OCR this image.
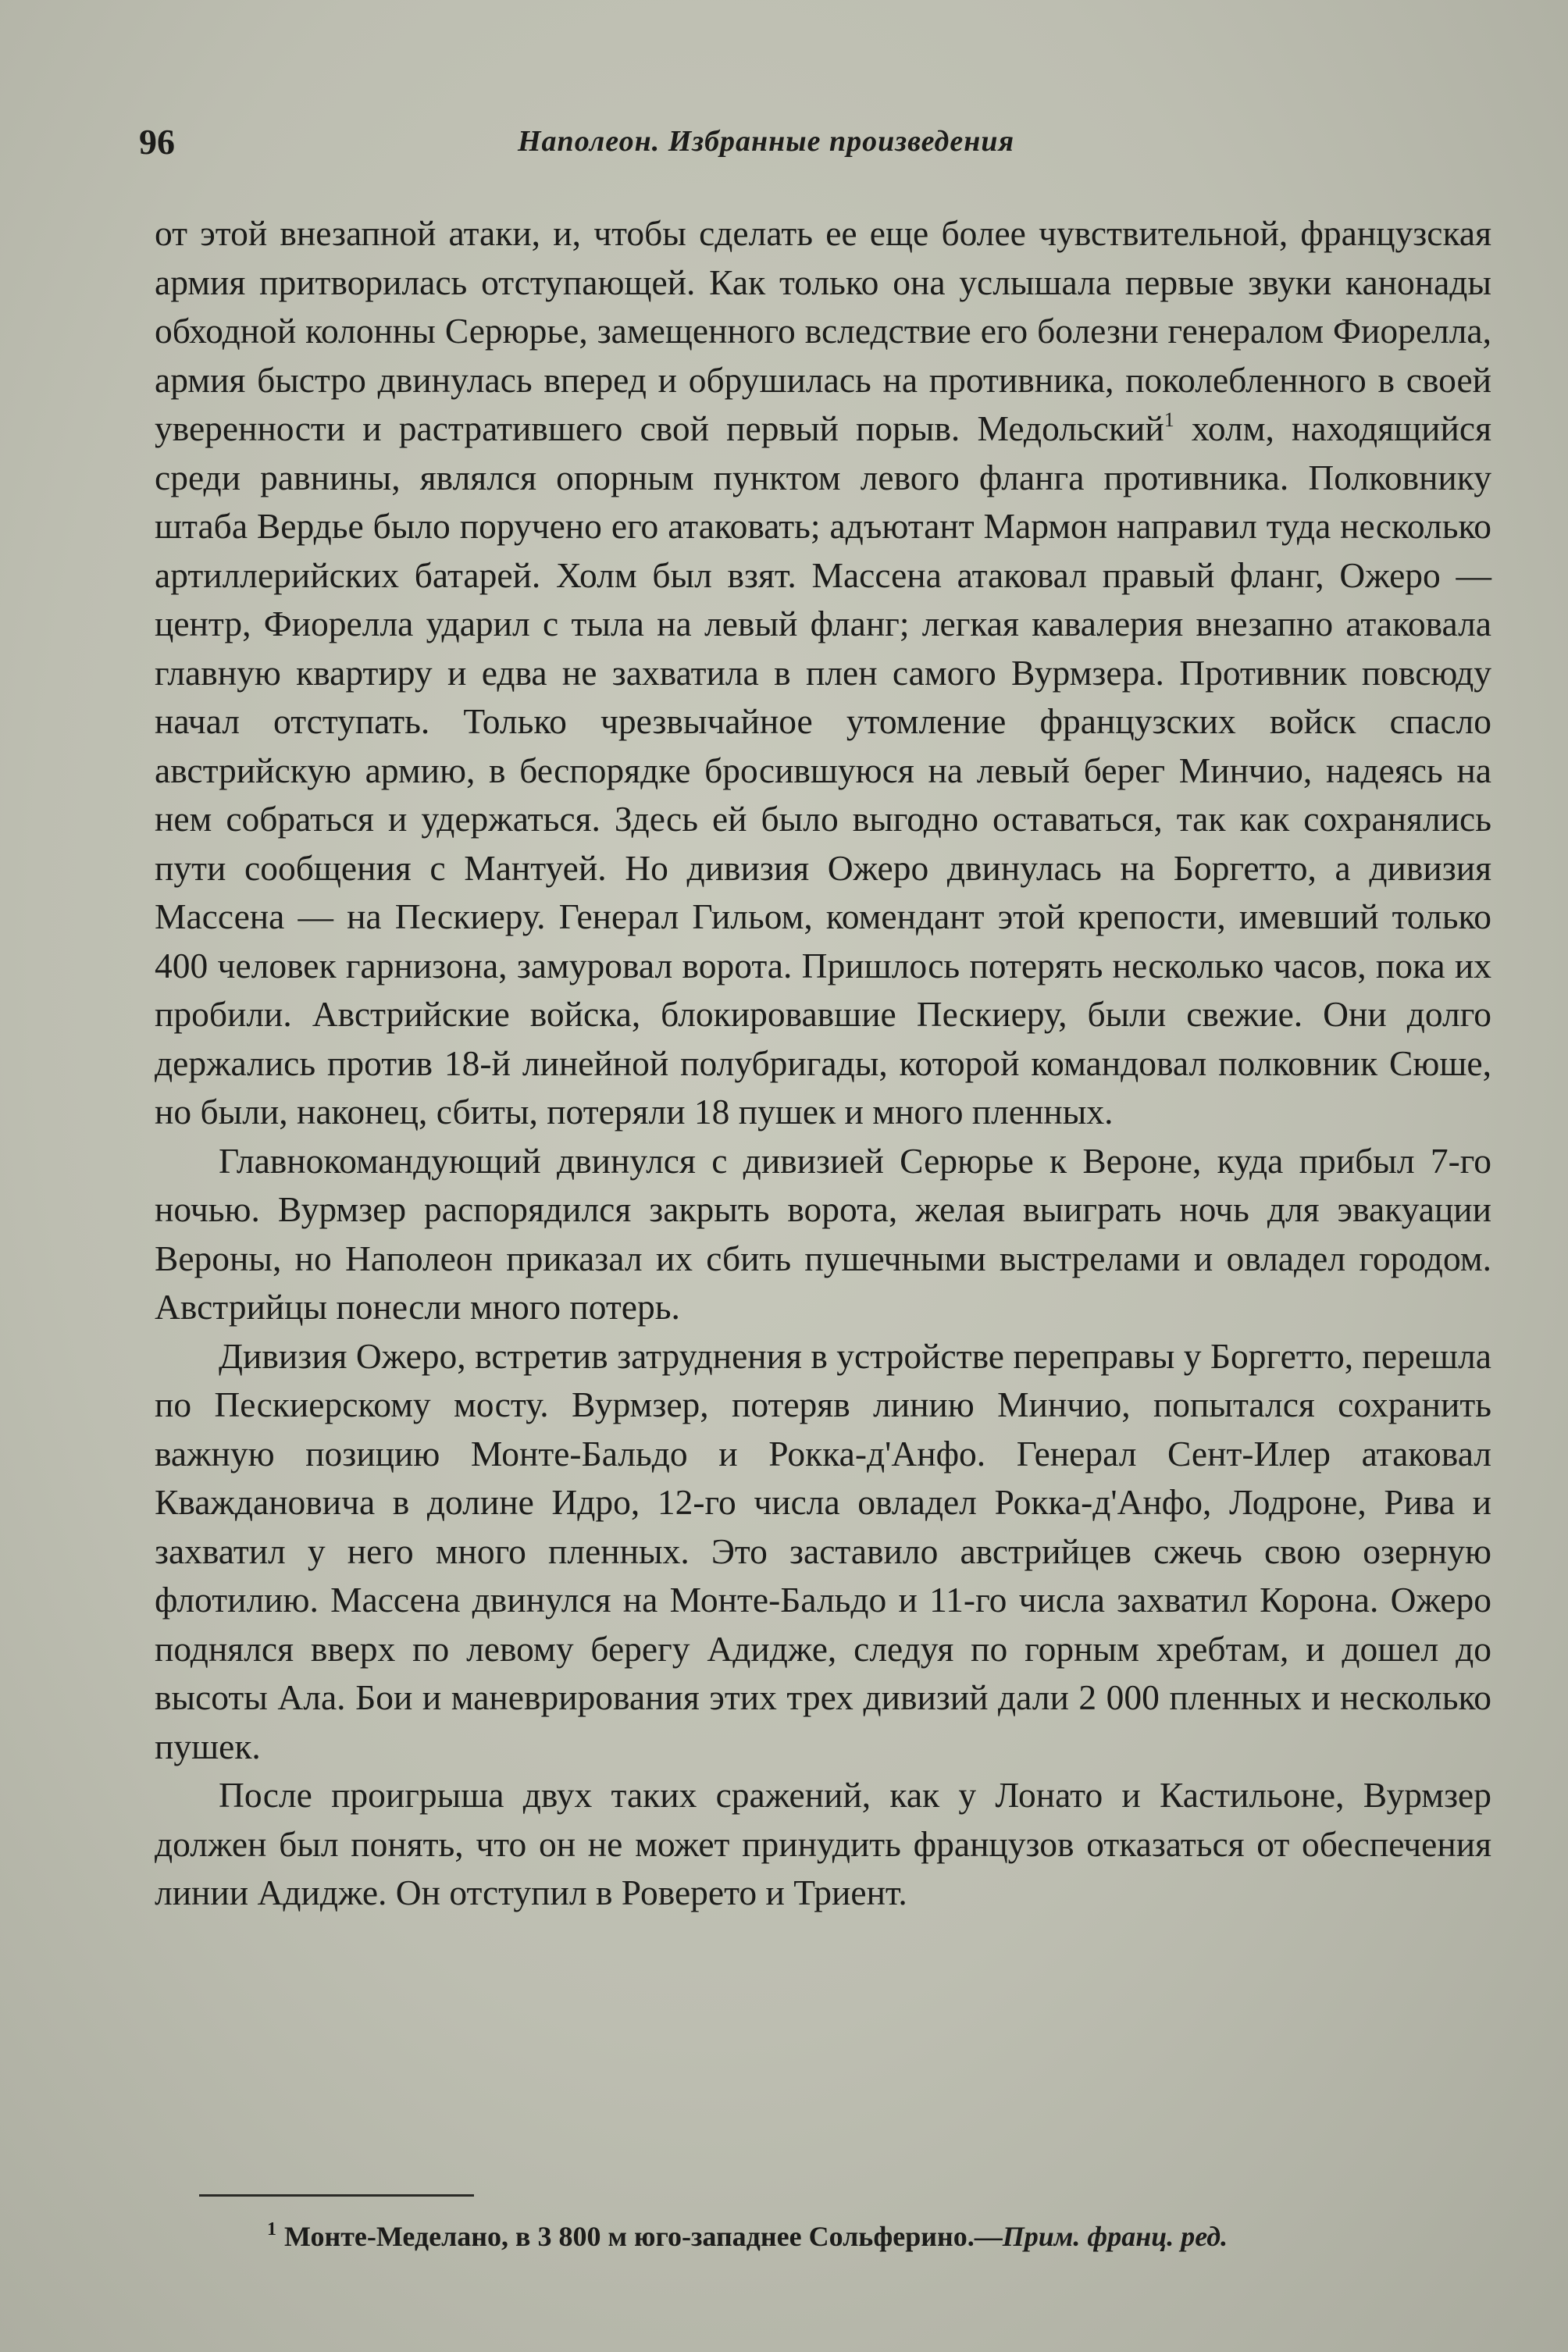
96	Наполеон. Избранные произведения

от этой внезапной атаки, и, чтобы сделать ее еще более чувствительной, французская армия притворилась отступающей. Как только она услышала первые звуки канонады обходной колонны Серюрье, замещенного вследствие его болезни генералом Фиорелла, армия быстро двинулась вперед и обрушилась на противника, поколебленного в своей уверенности и растратившего свой первый порыв. Медольский$^1$ холм, находящийся среди равнины, являлся опорным пунктом левого фланга противника. Полковнику штаба Вердье было поручено его атаковать; адъютант Мармон направил туда несколько артиллерийских батарей. Холм был взят. Массена атаковал правый фланг, Ожеро — центр, Фиорелла ударил с тыла на левый фланг; легкая кавалерия внезапно атаковала главную квартиру и едва не захватила в плен самого Вурмзера. Противник повсюду начал отступать. Только чрезвычайное утомление французских войск спасло австрийскую армию, в беспорядке бросившуюся на левый берег Минчио, надеясь на нем собраться и удержаться. Здесь ей было выгодно оставаться, так как сохранялись пути сообщения с Мантуей. Но дивизия Ожеро двинулась на Боргетто, а дивизия Массена — на Пескиеру. Генерал Гильом, комендант этой крепости, имевший только 400 человек гарнизона, замуровал ворота. Пришлось потерять несколько часов, пока их пробили. Австрийские войска, блокировавшие Пескиеру, были свежие. Они долго держались против 18-й линейной полубригады, которой командовал полковник Сюше, но были, наконец, сбиты, потеряли 18 пушек и много пленных.

Главнокомандующий двинулся с дивизией Серюрье к Вероне, куда прибыл 7-го ночью. Вурмзер распорядился закрыть ворота, желая выиграть ночь для эвакуации Вероны, но Наполеон приказал их сбить пушечными выстрелами и овладел городом. Австрийцы понесли много потерь.

Дивизия Ожеро, встретив затруднения в устройстве переправы у Боргетто, перешла по Пескиерскому мосту. Вурмзер, потеряв линию Минчио, попытался сохранить важную позицию Монте-Бальдо и Рокка-д'Анфо. Генерал Сент-Илер атаковал Кважданoвича в долине Идро, 12-го числа овладел Рокка-д'Анфо, Лодроне, Рива и захватил у него много пленных. Это заставило австрийцев сжечь свою озерную флотилию. Массена двинулся на Монте-Бальдо и 11-го числа захватил Корона. Ожеро поднялся вверх по левому берегу Адидже, следуя по горным хребтам, и дошел до высоты Ала. Бои и маневрирования этих трех дивизий дали 2 000 пленных и несколько пушек.

После проигрыша двух таких сражений, как у Лонато и Кастильоне, Вурмзер должен был понять, что он не может принудить французов отказаться от обеспечения линии Адидже. Он отступил в Роверето и Триент.

$^1$ Монте-Меделано, в 3 800 м юго-западнее Сольферино.—Прим. франц. ред.
